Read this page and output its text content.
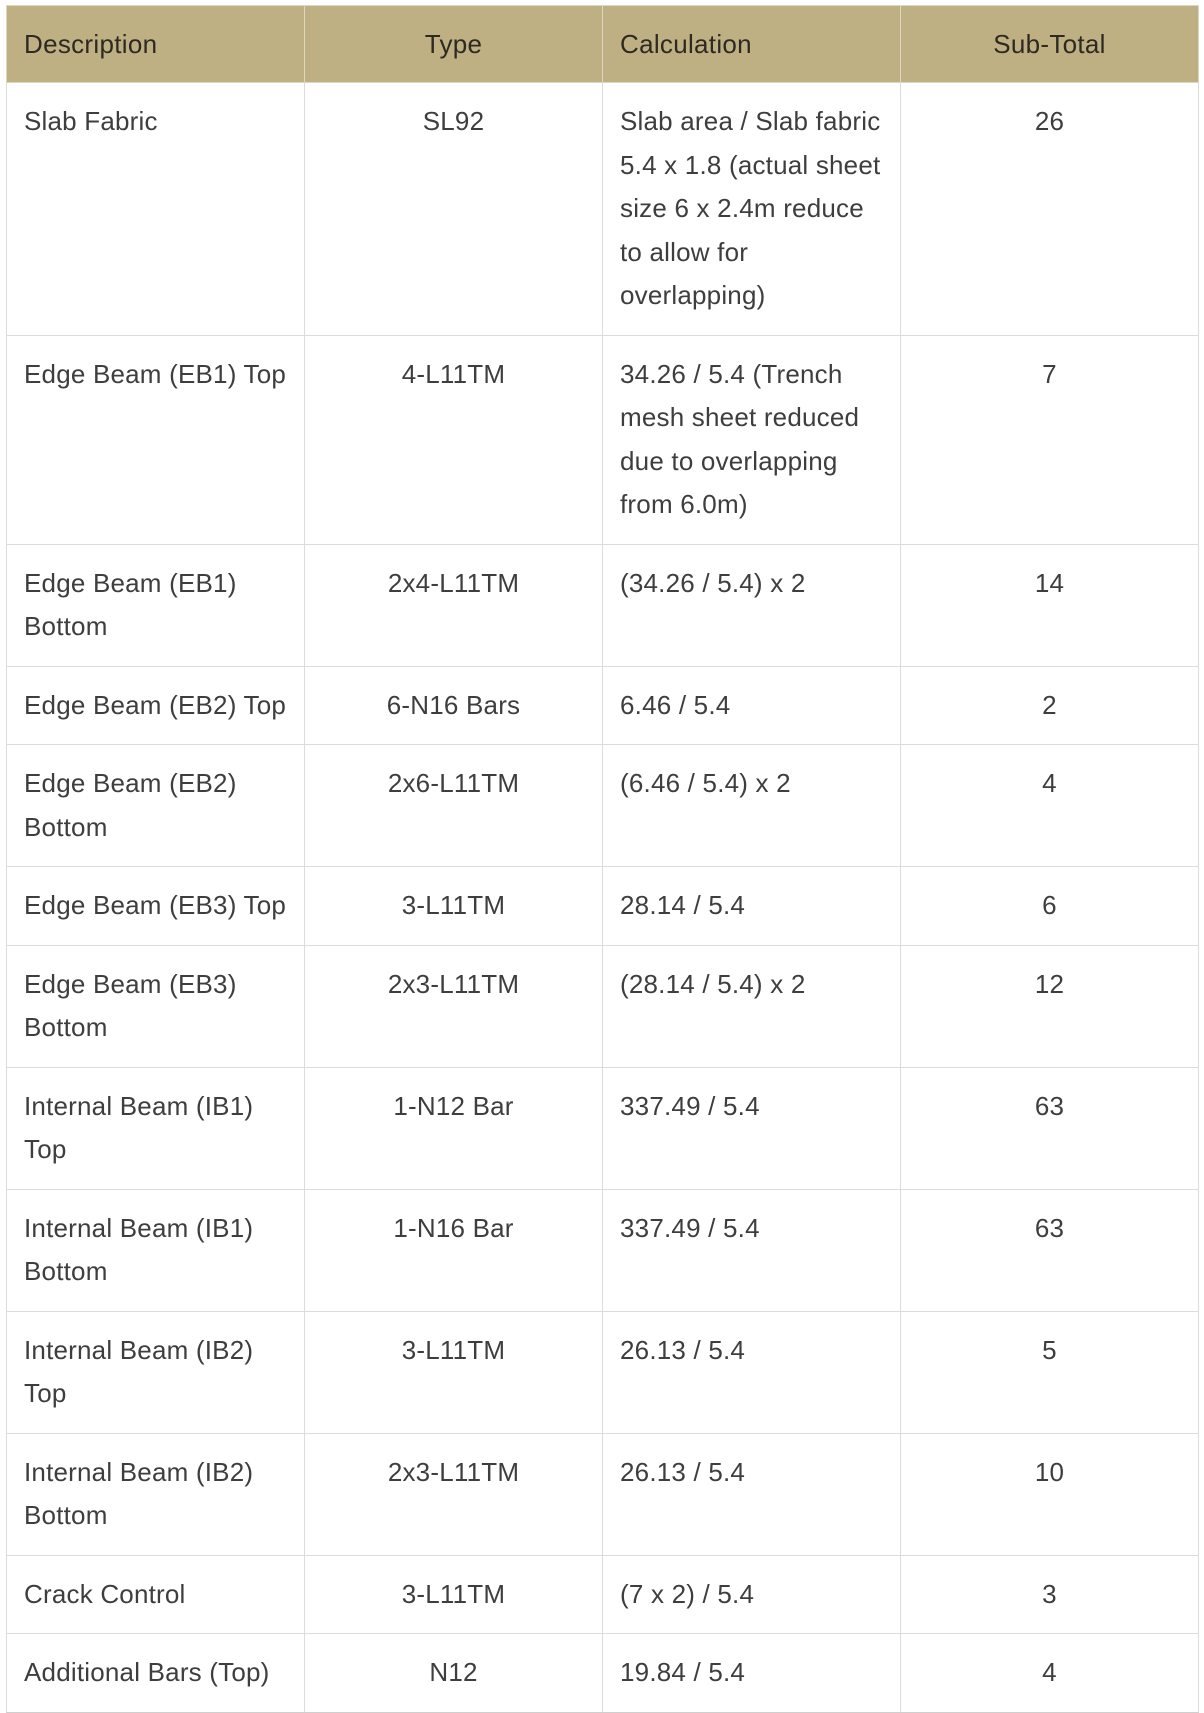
Description	Type	Calculation	Sub-Total
Slab Fabric	SL92	Slab area / Slab fabric 5.4 x 1.8 (actual sheet size 6 x 2.4m reduce to allow for overlapping)	26
Edge Beam (EB1) Top	4-L11TM	34.26 / 5.4 (Trench mesh sheet reduced due to overlapping from 6.0m)	7
Edge Beam (EB1) Bottom	2x4-L11TM	(34.26 / 5.4) x 2	14
Edge Beam (EB2) Top	6-N16 Bars	6.46 / 5.4	2
Edge Beam (EB2) Bottom	2x6-L11TM	(6.46 / 5.4) x 2	4
Edge Beam (EB3) Top	3-L11TM	28.14 / 5.4	6
Edge Beam (EB3) Bottom	2x3-L11TM	(28.14 / 5.4) x 2	12
Internal Beam (IB1) Top	1-N12 Bar	337.49 / 5.4	63
Internal Beam (IB1) Bottom	1-N16 Bar	337.49 / 5.4	63
Internal Beam (IB2) Top	3-L11TM	26.13 / 5.4	5
Internal Beam (IB2) Bottom	2x3-L11TM	26.13 / 5.4	10
Crack Control	3-L11TM	(7 x 2) / 5.4	3
Additional Bars (Top)	N12	19.84 / 5.4	4
